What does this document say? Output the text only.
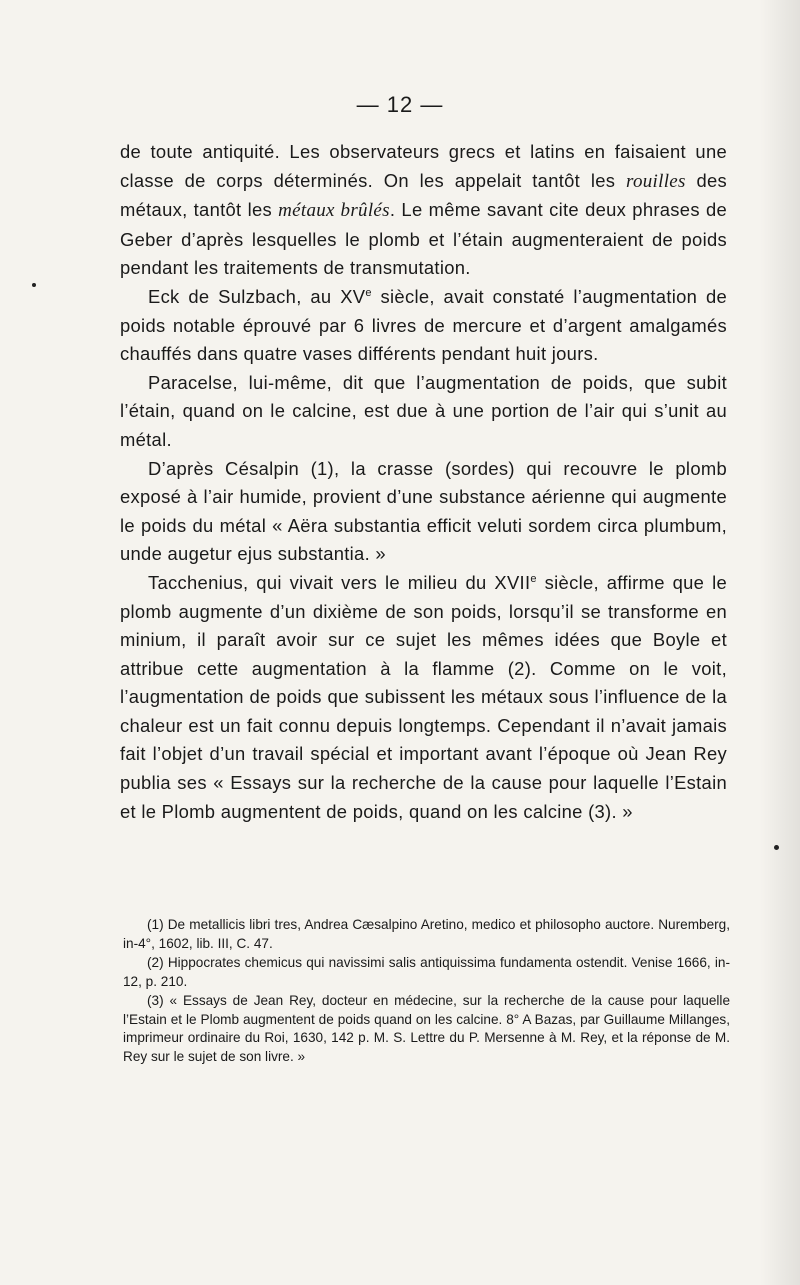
— 12 —

de toute antiquité. Les observateurs grecs et latins en faisaient une classe de corps déterminés. On les appelait tantôt les rouilles des métaux, tantôt les métaux brûlés. Le même savant cite deux phrases de Geber d’après lesquelles le plomb et l’étain augmenteraient de poids pendant les traitements de transmutation.

Eck de Sulzbach, au XVe siècle, avait constaté l’augmentation de poids notable éprouvé par 6 livres de mercure et d’argent amalgamés chauffés dans quatre vases différents pendant huit jours.

Paracelse, lui-même, dit que l’augmentation de poids, que subit l’étain, quand on le calcine, est due à une portion de l’air qui s’unit au métal.

D’après Césalpin (1), la crasse (sordes) qui recouvre le plomb exposé à l’air humide, provient d’une substance aérienne qui augmente le poids du métal « Aëra substantia efficit veluti sordem circa plumbum, unde augetur ejus substantia. »

Tacchenius, qui vivait vers le milieu du XVIIe siècle, affirme que le plomb augmente d’un dixième de son poids, lorsqu’il se transforme en minium, il paraît avoir sur ce sujet les mêmes idées que Boyle et attribue cette augmentation à la flamme (2). Comme on le voit, l’augmentation de poids que subissent les métaux sous l’influence de la chaleur est un fait connu depuis longtemps. Cependant il n’avait jamais fait l’objet d’un travail spécial et important avant l’époque où Jean Rey publia ses « Essays sur la recherche de la cause pour laquelle l’Estain et le Plomb augmentent de poids, quand on les calcine (3). »

(1) De metallicis libri tres, Andrea Cæsalpino Aretino, medico et philosopho auctore. Nuremberg, in-4°, 1602, lib. III, C. 47.

(2) Hippocrates chemicus qui navissimi salis antiquissima fundamenta ostendit. Venise 1666, in-12, p. 210.

(3) « Essays de Jean Rey, docteur en médecine, sur la recherche de la cause pour laquelle l’Estain et le Plomb augmentent de poids quand on les calcine. 8° A Bazas, par Guillaume Millanges, imprimeur ordinaire du Roi, 1630, 142 p. M. S. Lettre du P. Mersenne à M. Rey, et la réponse de M. Rey sur le sujet de son livre. »
